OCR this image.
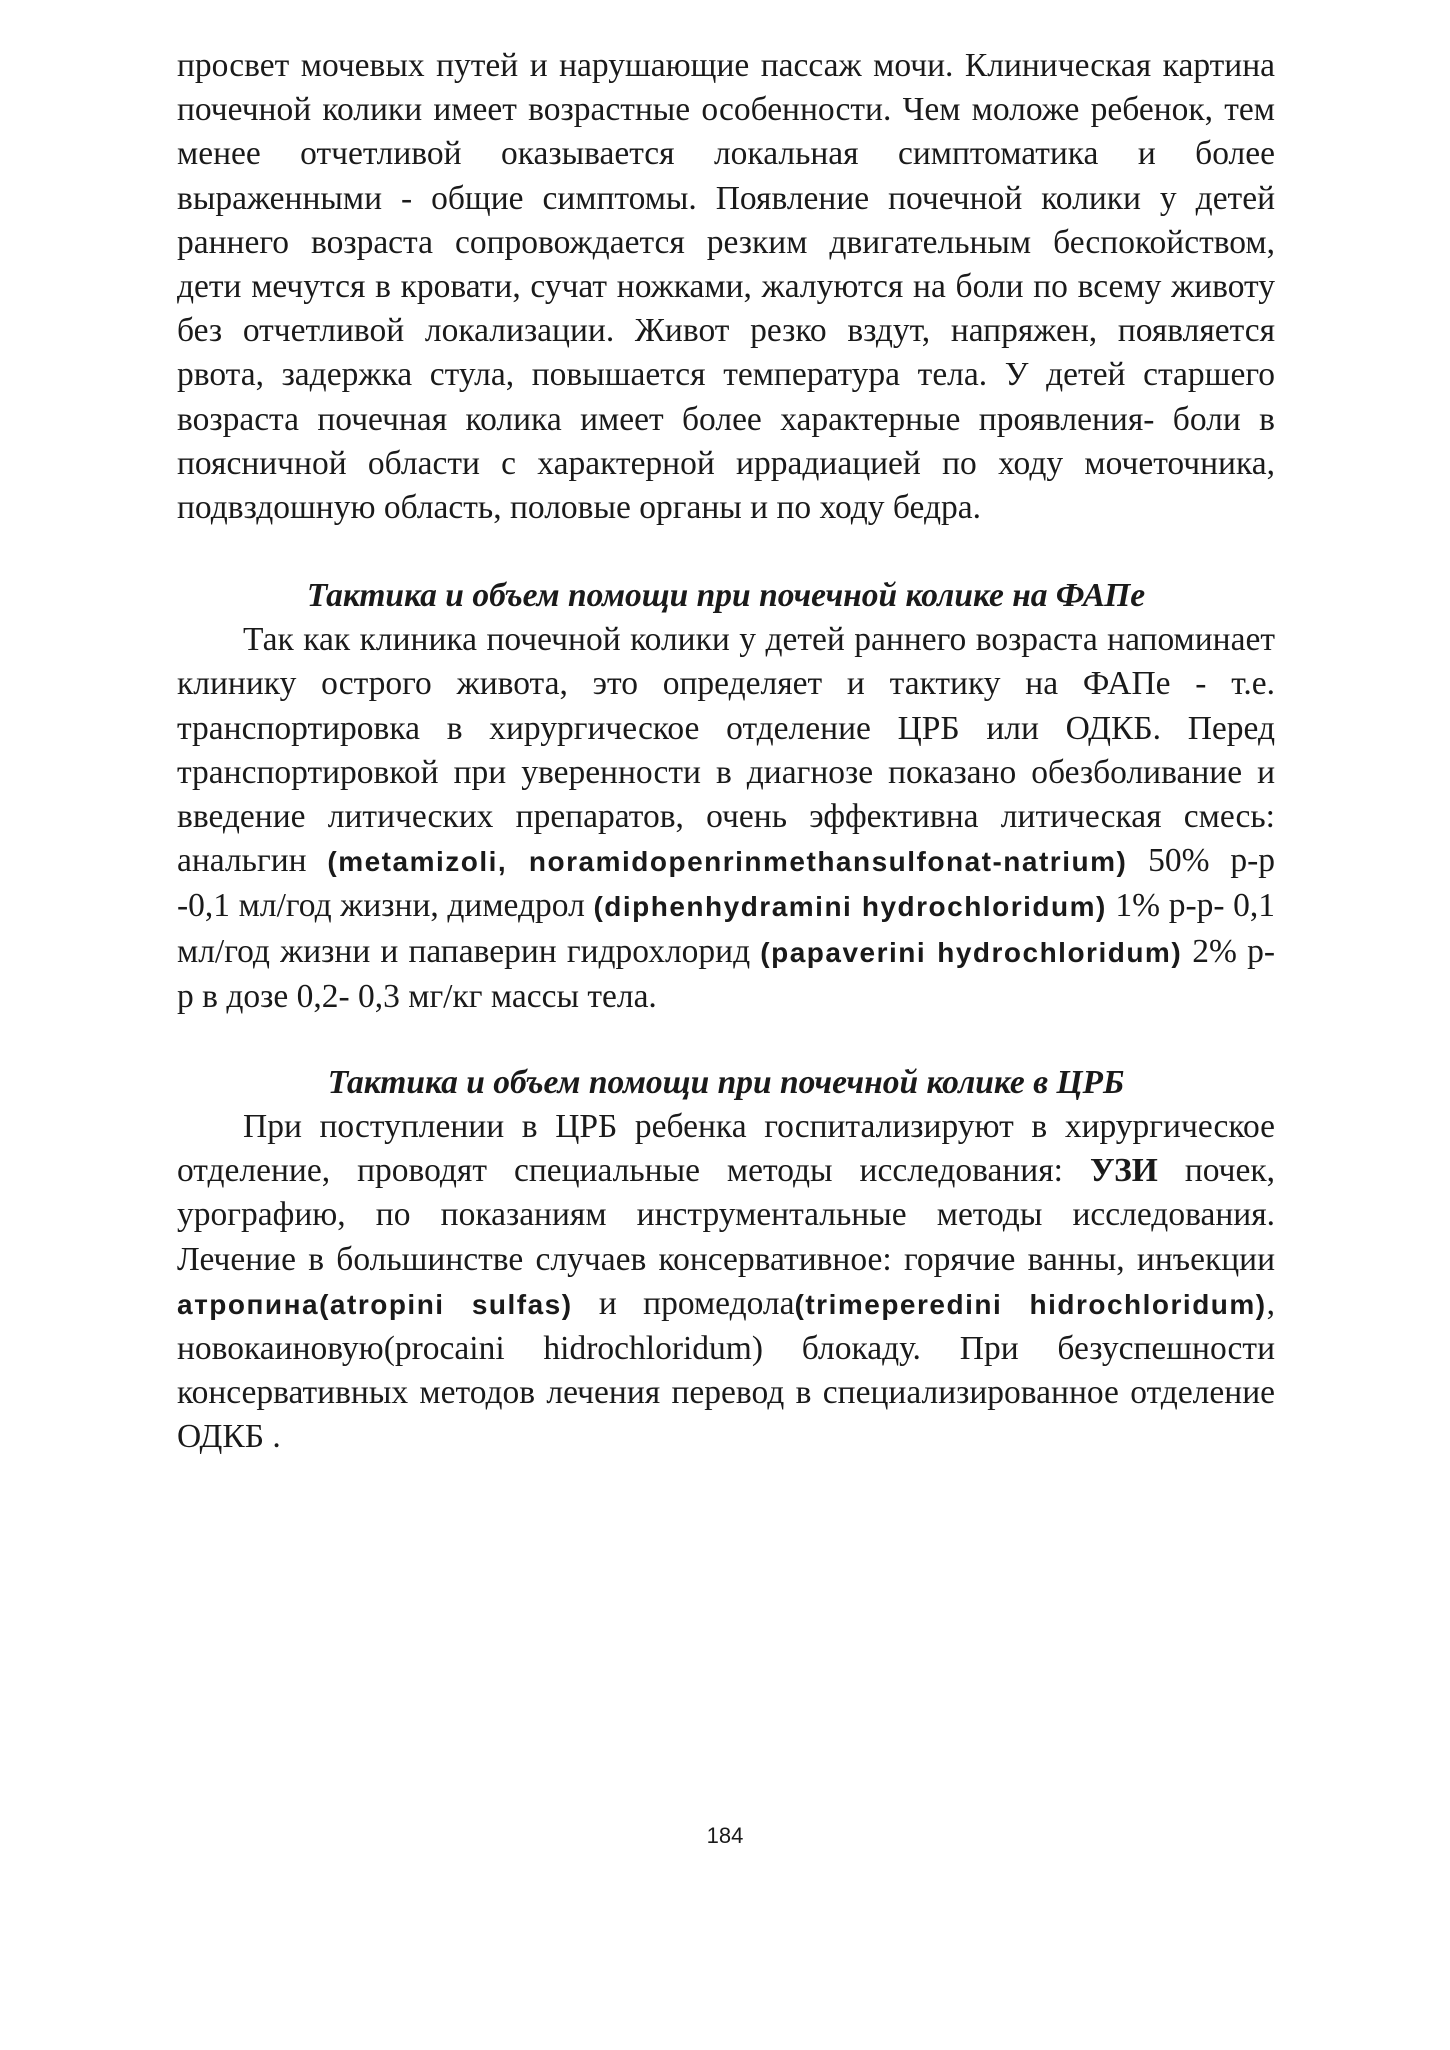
просвет мочевых путей и нарушающие пассаж мочи. Клиническая картина почечной колики имеет возрастные особенности. Чем моложе ребенок, тем менее отчетливой оказывается локальная симптоматика и более выраженными - общие симптомы. Появление почечной колики у детей раннего возраста сопровождается резким двигательным беспокойством, дети мечутся в кровати, сучат ножками, жалуются на боли по всему животу без отчетливой локализации. Живот резко вздут, напряжен, появляется рвота, задержка стула, повышается температура тела. У детей старшего возраста почечная колика имеет более характерные проявления- боли в поясничной области с характерной иррадиацией по ходу мочеточника, подвздошную область, половые органы и по ходу бедра.

Тактика и объем помощи при почечной колике на ФАПе

Так как клиника почечной колики у детей раннего возраста напоминает клинику острого живота, это определяет и тактику на ФАПе - т.е. транспортировка в хирургическое отделение ЦРБ или ОДКБ. Перед транспортировкой при уверенности в диагнозе показано обезболивание и введение литических препаратов, очень эффективна литическая смесь: анальгин (metamizoli, noramidopenrinmethansulfonat-natrium) 50% р-р -0,1 мл/год жизни, димедрол (diphenhydramini hydrochloridum) 1% р-р- 0,1 мл/год жизни и папаверин гидрохлорид (papaverini hydrochloridum) 2% р-р в дозе 0,2- 0,3 мг/кг массы тела.

Тактика и объем помощи при почечной колике в ЦРБ

При поступлении в ЦРБ ребенка госпитализируют в хирургическое отделение, проводят специальные методы исследования: УЗИ почек, урографию, по показаниям инструментальные методы исследования. Лечение в большинстве случаев консервативное: горячие ванны, инъекции атропина(atropini sulfas) и промедола(trimeperedini hidrochloridum), новокаиновую(procaini hidrochloridum) блокаду. При безуспешности консервативных методов лечения перевод в специализированное отделение ОДКБ .

184
